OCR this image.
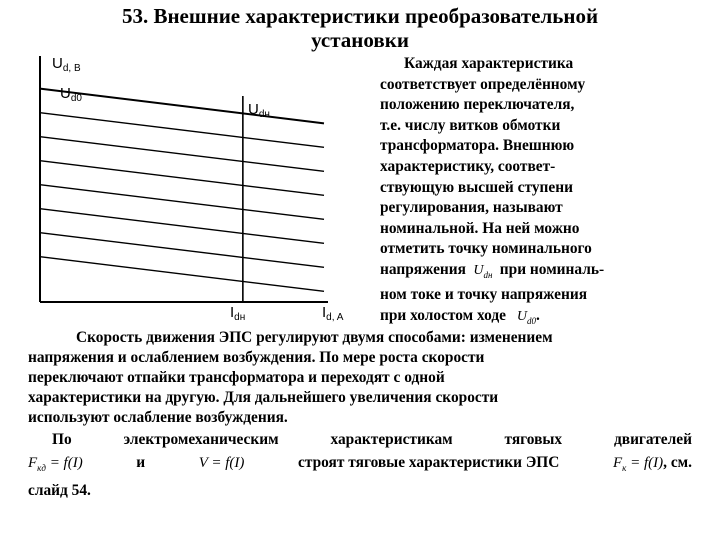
53. Внешние характеристики преобразовательной
установки
$U_{d, B}$
$U_{d0}$
$U_{dн}$
$I_{dн}$	$I_{d, A}$
Каждая характеристика
соответствует определённому
положению переключателя,
т.е. числу витков обмотки
трансформатора. Внешнюю
характеристику, соответ-
ствующую высшей ступени
регулирования, называют
номинальной. На ней можно
отметить точку номинального
напряжения $U_{dн}$ при номиналь-
ном токе и точку напряжения
при холостом ходе $U_{d0}$.
Скорость движения ЭПС регулируют двумя способами: изменением
напряжения и ослаблением возбуждения. По мере роста скорости
переключают отпайки трансформатора и переходят с одной
характеристики на другую. Для дальнейшего увеличения скорости
используют ослабление возбуждения.
По	электромеханическим	характеристикам	тяговых	двигателей
$F_{кд} = f(I)$	и	V = f(I)	строят тяговые характеристики ЭПС	$F_к = f(I)$, см.
слайд 54.
